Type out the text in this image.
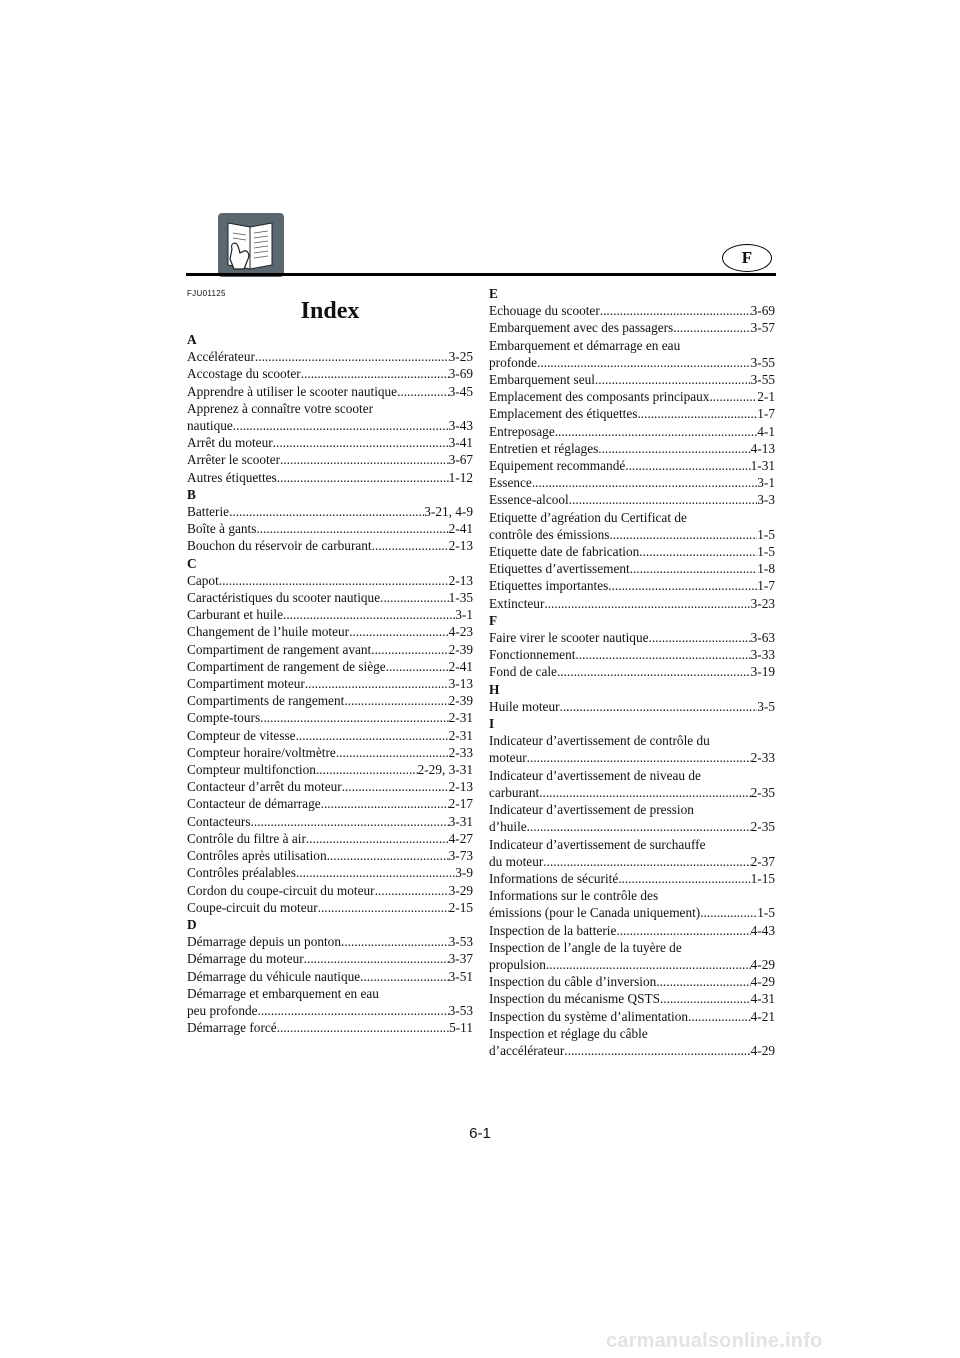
F
FJU01125
Index
A
Accélérateur .....	3-25
Accostage du scooter .....	3-69
Apprendre à utiliser le scooter nautique .....	3-45
Apprenez à connaître votre scooter
nautique .....	3-43
Arrêt du moteur .....	3-41
Arrêter le scooter .....	3-67
Autres étiquettes .....	1-12
B
Batterie .....	3-21, 4-9
Boîte à gants .....	2-41
Bouchon du réservoir de carburant .....	2-13
C
Capot .....	2-13
Caractéristiques du scooter nautique .....	1-35
Carburant et huile .....	3-1
Changement de l’huile moteur .....	4-23
Compartiment de rangement avant .....	2-39
Compartiment de rangement de siège .....	2-41
Compartiment moteur .....	3-13
Compartiments de rangement .....	2-39
Compte-tours .....	2-31
Compteur de vitesse .....	2-31
Compteur horaire/voltmètre .....	2-33
Compteur multifonction .....	2-29, 3-31
Contacteur d’arrêt du moteur .....	2-13
Contacteur de démarrage .....	2-17
Contacteurs .....	3-31
Contrôle du filtre à air .....	4-27
Contrôles après utilisation .....	3-73
Contrôles préalables .....	3-9
Cordon du coupe-circuit du moteur .....	3-29
Coupe-circuit du moteur .....	2-15
D
Démarrage depuis un ponton .....	3-53
Démarrage du moteur .....	3-37
Démarrage du véhicule nautique .....	3-51
Démarrage et embarquement en eau
peu profonde .....	3-53
Démarrage forcé .....	5-11
E
Echouage du scooter .....	3-69
Embarquement avec des passagers .....	3-57
Embarquement et démarrage en eau
profonde .....	3-55
Embarquement seul .....	3-55
Emplacement des composants principaux .....	2-1
Emplacement des étiquettes .....	1-7
Entreposage .....	4-1
Entretien et réglages .....	4-13
Equipement recommandé .....	1-31
Essence .....	3-1
Essence-alcool .....	3-3
Etiquette d’agréation du Certificat de
contrôle des émissions .....	1-5
Etiquette date de fabrication .....	1-5
Etiquettes d’avertissement .....	1-8
Etiquettes importantes .....	1-7
Extincteur .....	3-23
F
Faire virer le scooter nautique .....	3-63
Fonctionnement .....	3-33
Fond de cale .....	3-19
H
Huile moteur .....	3-5
I
Indicateur d’avertissement de contrôle du
moteur .....	2-33
Indicateur d’avertissement de niveau de
carburant .....	2-35
Indicateur d’avertissement de pression
d’huile .....	2-35
Indicateur d’avertissement de surchauffe
du moteur .....	2-37
Informations de sécurité .....	1-15
Informations sur le contrôle des
émissions (pour le Canada uniquement) .....	1-5
Inspection de la batterie .....	4-43
Inspection de l’angle de la tuyère de
propulsion .....	4-29
Inspection du câble d’inversion .....	4-29
Inspection du mécanisme QSTS .....	4-31
Inspection du système d’alimentation .....	4-21
Inspection et réglage du câble
d’accélérateur .....	4-29
6-1
carmanualsonline.info
